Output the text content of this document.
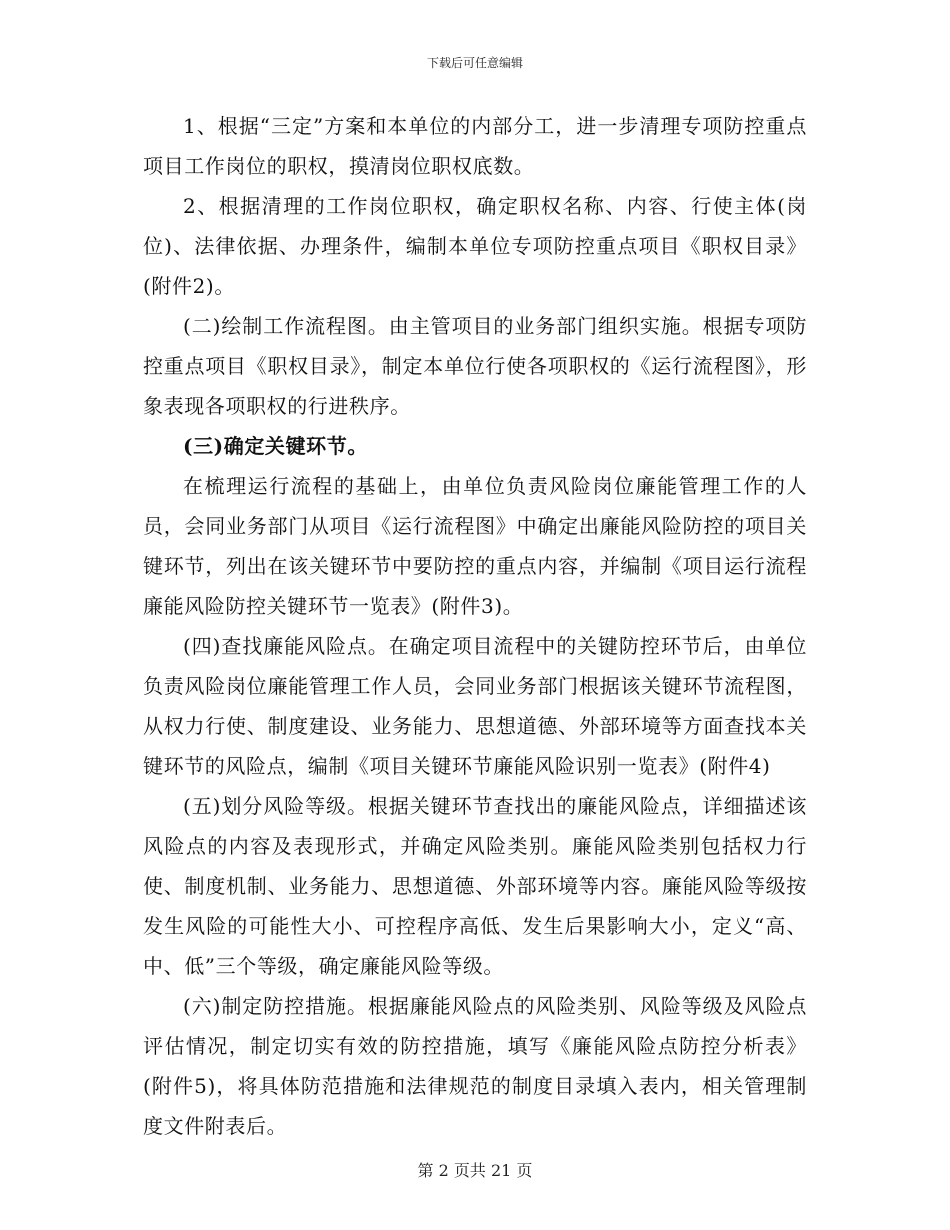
下载后可任意编辑

1、根据“三定”方案和本单位的内部分工，进一步清理专项防控重点项目工作岗位的职权，摸清岗位职权底数。

2、根据清理的工作岗位职权，确定职权名称、内容、行使主体(岗位)、法律依据、办理条件，编制本单位专项防控重点项目《职权目录》(附件2)。

(二)绘制工作流程图。由主管项目的业务部门组织实施。根据专项防控重点项目《职权目录》，制定本单位行使各项职权的《运行流程图》，形象表现各项职权的行进秩序。

(三)确定关键环节。

在梳理运行流程的基础上，由单位负责风险岗位廉能管理工作的人员，会同业务部门从项目《运行流程图》中确定出廉能风险防控的项目关键环节，列出在该关键环节中要防控的重点内容，并编制《项目运行流程廉能风险防控关键环节一览表》(附件3)。

(四)查找廉能风险点。在确定项目流程中的关键防控环节后，由单位负责风险岗位廉能管理工作人员，会同业务部门根据该关键环节流程图，从权力行使、制度建设、业务能力、思想道德、外部环境等方面查找本关键环节的风险点，编制《项目关键环节廉能风险识别一览表》(附件4)

(五)划分风险等级。根据关键环节查找出的廉能风险点，详细描述该风险点的内容及表现形式，并确定风险类别。廉能风险类别包括权力行使、制度机制、业务能力、思想道德、外部环境等内容。廉能风险等级按发生风险的可能性大小、可控程序高低、发生后果影响大小，定义“高、中、低”三个等级，确定廉能风险等级。

(六)制定防控措施。根据廉能风险点的风险类别、风险等级及风险点评估情况，制定切实有效的防控措施，填写《廉能风险点防控分析表》(附件5)，将具体防范措施和法律规范的制度目录填入表内，相关管理制度文件附表后。

第 2 页共 21 页
